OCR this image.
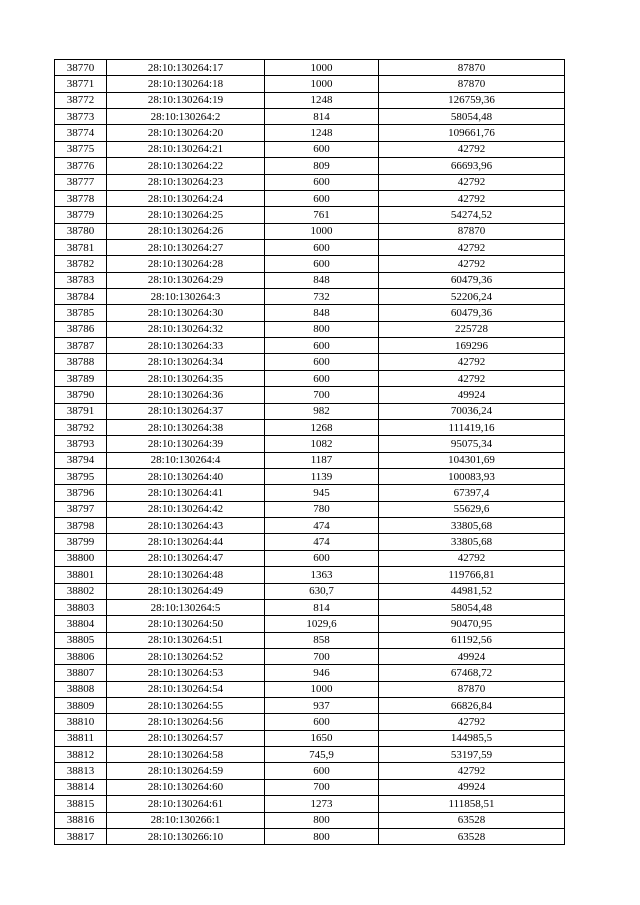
38770	28:10:130264:17	1000	87870
38771	28:10:130264:18	1000	87870
38772	28:10:130264:19	1248	126759,36
38773	28:10:130264:2	814	58054,48
38774	28:10:130264:20	1248	109661,76
38775	28:10:130264:21	600	42792
38776	28:10:130264:22	809	66693,96
38777	28:10:130264:23	600	42792
38778	28:10:130264:24	600	42792
38779	28:10:130264:25	761	54274,52
38780	28:10:130264:26	1000	87870
38781	28:10:130264:27	600	42792
38782	28:10:130264:28	600	42792
38783	28:10:130264:29	848	60479,36
38784	28:10:130264:3	732	52206,24
38785	28:10:130264:30	848	60479,36
38786	28:10:130264:32	800	225728
38787	28:10:130264:33	600	169296
38788	28:10:130264:34	600	42792
38789	28:10:130264:35	600	42792
38790	28:10:130264:36	700	49924
38791	28:10:130264:37	982	70036,24
38792	28:10:130264:38	1268	111419,16
38793	28:10:130264:39	1082	95075,34
38794	28:10:130264:4	1187	104301,69
38795	28:10:130264:40	1139	100083,93
38796	28:10:130264:41	945	67397,4
38797	28:10:130264:42	780	55629,6
38798	28:10:130264:43	474	33805,68
38799	28:10:130264:44	474	33805,68
38800	28:10:130264:47	600	42792
38801	28:10:130264:48	1363	119766,81
38802	28:10:130264:49	630,7	44981,52
38803	28:10:130264:5	814	58054,48
38804	28:10:130264:50	1029,6	90470,95
38805	28:10:130264:51	858	61192,56
38806	28:10:130264:52	700	49924
38807	28:10:130264:53	946	67468,72
38808	28:10:130264:54	1000	87870
38809	28:10:130264:55	937	66826,84
38810	28:10:130264:56	600	42792
38811	28:10:130264:57	1650	144985,5
38812	28:10:130264:58	745,9	53197,59
38813	28:10:130264:59	600	42792
38814	28:10:130264:60	700	49924
38815	28:10:130264:61	1273	111858,51
38816	28:10:130266:1	800	63528
38817	28:10:130266:10	800	63528
